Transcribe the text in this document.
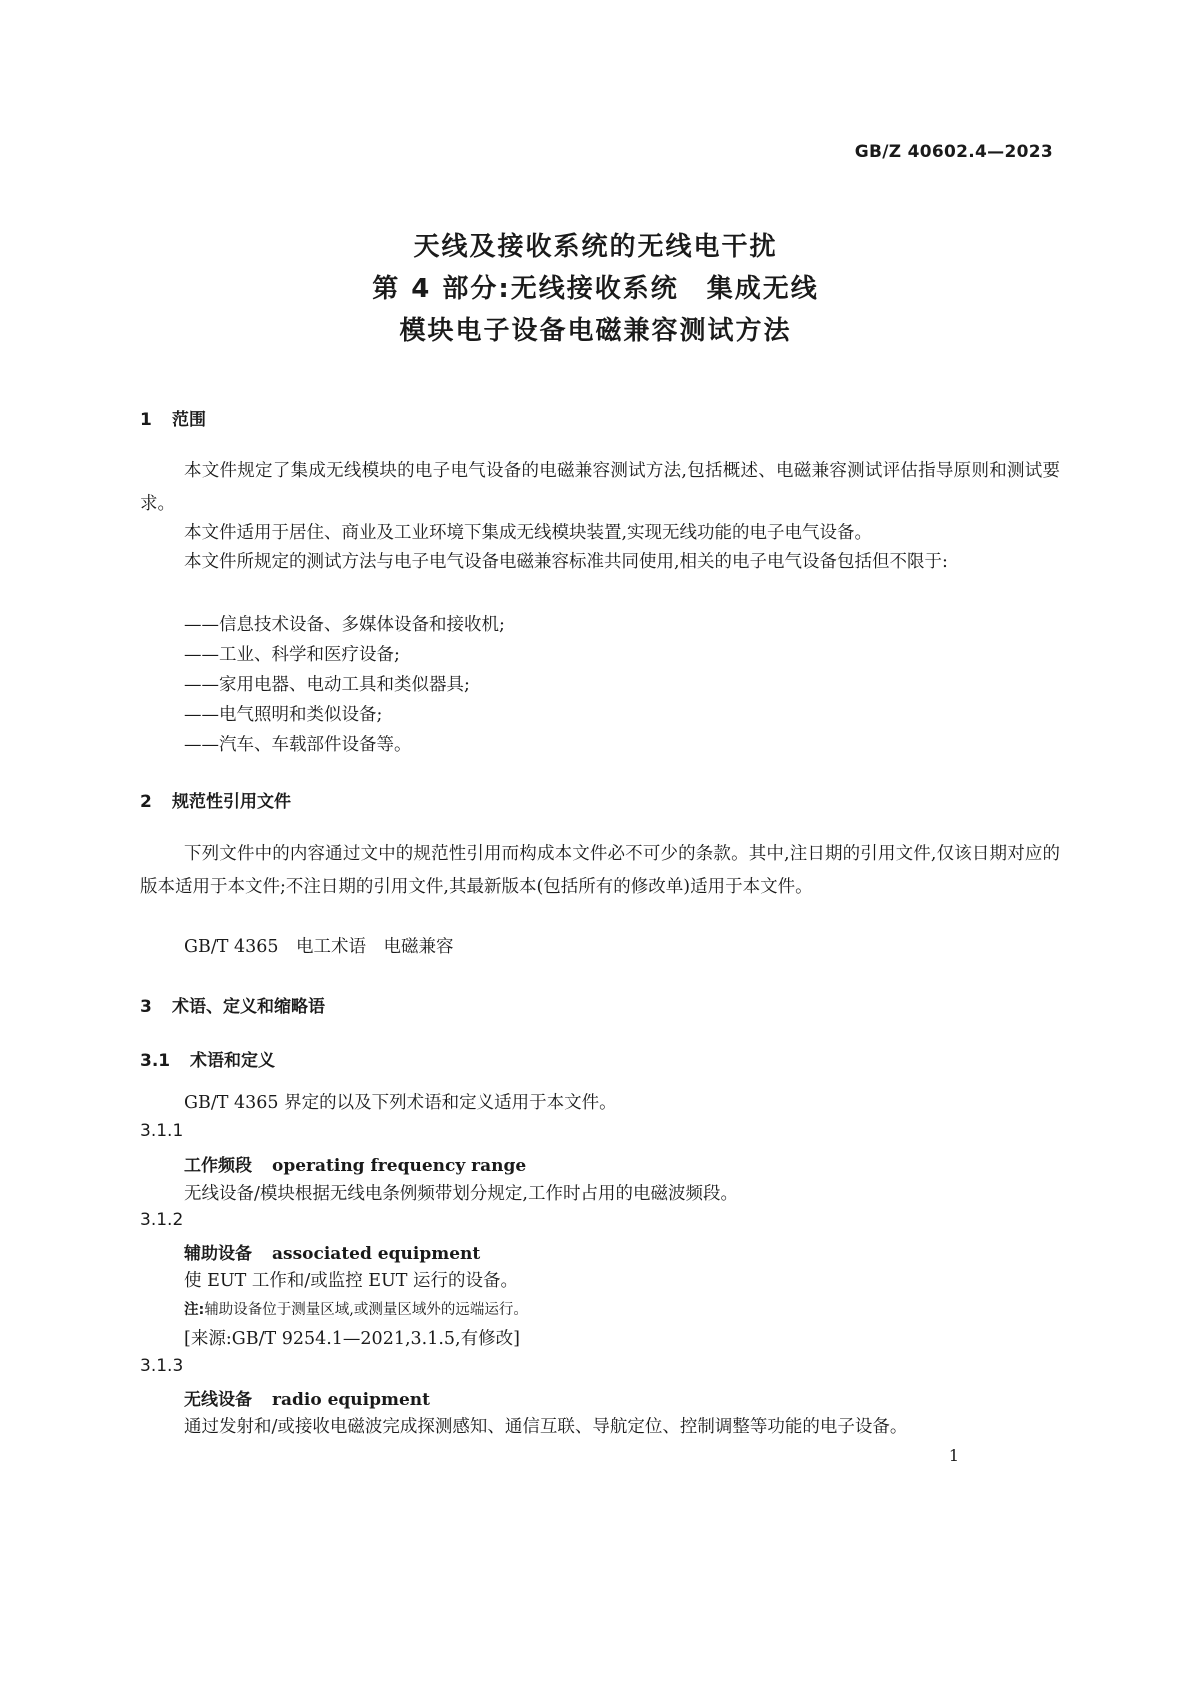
GB/Z 40602.4—2023
天线及接收系统的无线电干扰
第 4 部分:无线接收系统　集成无线
模块电子设备电磁兼容测试方法
1 范围
本文件规定了集成无线模块的电子电气设备的电磁兼容测试方法,包括概述、电磁兼容测试评估指导原则和测试要求。
本文件适用于居住、商业及工业环境下集成无线模块装置,实现无线功能的电子电气设备。
本文件所规定的测试方法与电子电气设备电磁兼容标准共同使用,相关的电子电气设备包括但不限于:
——信息技术设备、多媒体设备和接收机;
——工业、科学和医疗设备;
——家用电器、电动工具和类似器具;
——电气照明和类似设备;
——汽车、车载部件设备等。
2 规范性引用文件
下列文件中的内容通过文中的规范性引用而构成本文件必不可少的条款。其中,注日期的引用文件,仅该日期对应的版本适用于本文件;不注日期的引用文件,其最新版本(包括所有的修改单)适用于本文件。
GB/T 4365　电工术语　电磁兼容
3 术语、定义和缩略语
3.1 术语和定义
GB/T 4365 界定的以及下列术语和定义适用于本文件。
3.1.1
工作频段 operating frequency range
无线设备/模块根据无线电条例频带划分规定,工作时占用的电磁波频段。
3.1.2
辅助设备 associated equipment
使 EUT 工作和/或监控 EUT 运行的设备。
注:辅助设备位于测量区域,或测量区域外的远端运行。
[来源:GB/T 9254.1—2021,3.1.5,有修改]
3.1.3
无线设备 radio equipment
通过发射和/或接收电磁波完成探测感知、通信互联、导航定位、控制调整等功能的电子设备。
1
